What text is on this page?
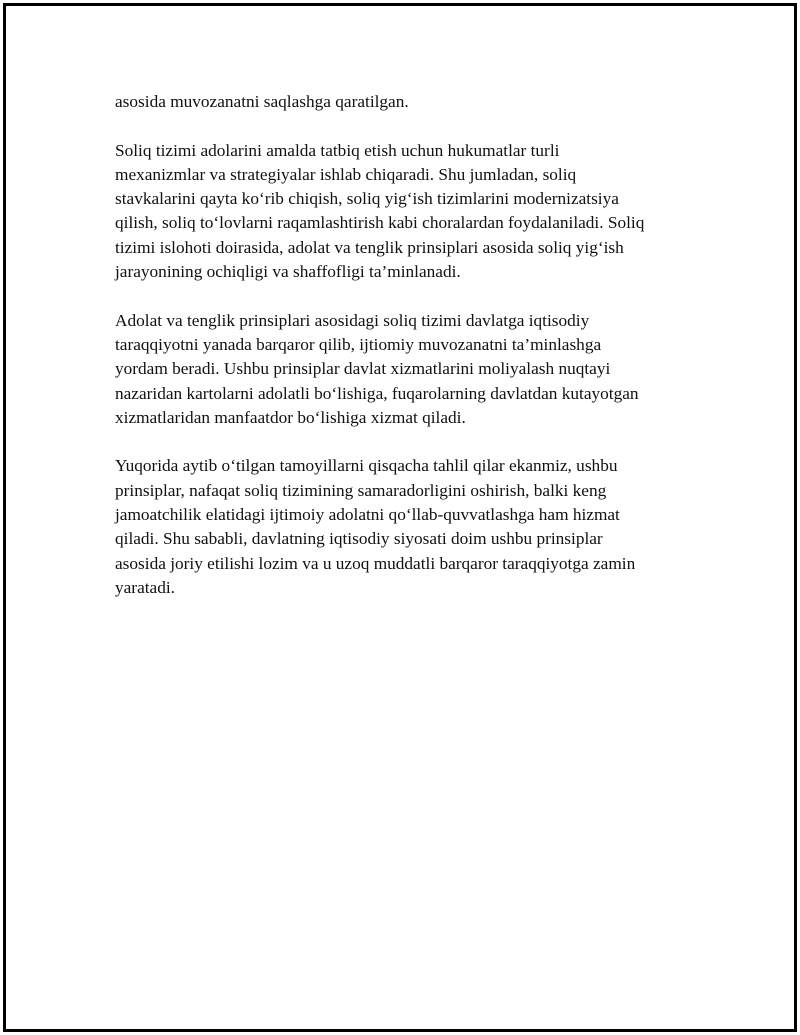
asosida muvozanatni saqlashga qaratilgan.

Soliq tizimi adolarini amalda tatbiq etish uchun hukumatlar turli
mexanizmlar va strategiyalar ishlab chiqaradi. Shu jumladan, soliq
stavkalarini qayta ko‘rib chiqish, soliq yig‘ish tizimlarini modernizatsiya
qilish, soliq to‘lovlarni raqamlashtirish kabi choralardan foydalaniladi. Soliq
tizimi islohoti doirasida, adolat va tenglik prinsiplari asosida soliq yig‘ish
jarayonining ochiqligi va shaffofligi ta’minlanadi.

Adolat va tenglik prinsiplari asosidagi soliq tizimi davlatga iqtisodiy
taraqqiyotni yanada barqaror qilib, ijtiomiy muvozanatni ta’minlashga
yordam beradi. Ushbu prinsiplar davlat xizmatlarini moliyalash nuqtayi
nazaridan kartolarni adolatli bo‘lishiga, fuqarolarning davlatdan kutayotgan
xizmatlaridan manfaatdor bo‘lishiga xizmat qiladi.

Yuqorida aytib o‘tilgan tamoyillarni qisqacha tahlil qilar ekanmiz, ushbu
prinsiplar, nafaqat soliq tizimining samaradorligini oshirish, balki keng
jamoatchilik elatidagi ijtimoiy adolatni qo‘llab-quvvatlashga ham hizmat
qiladi. Shu sababli, davlatning iqtisodiy siyosati doim ushbu prinsiplar
asosida joriy etilishi lozim va u uzoq muddatli barqaror taraqqiyotga zamin
yaratadi.
